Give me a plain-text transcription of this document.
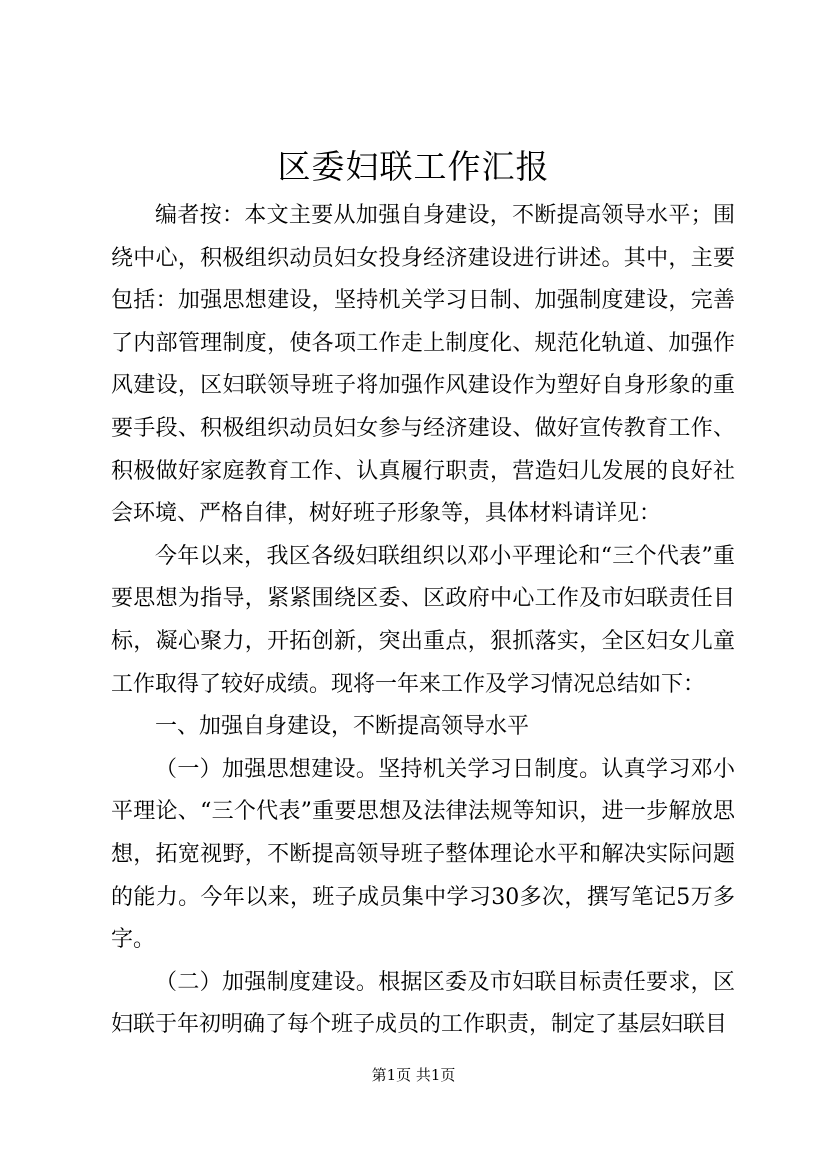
区委妇联工作汇报

编者按：本文主要从加强自身建设，不断提高领导水平；围绕中心，积极组织动员妇女投身经济建设进行讲述。其中，主要包括：加强思想建设，坚持机关学习日制、加强制度建设，完善了内部管理制度，使各项工作走上制度化、规范化轨道、加强作风建设，区妇联领导班子将加强作风建设作为塑好自身形象的重要手段、积极组织动员妇女参与经济建设、做好宣传教育工作、积极做好家庭教育工作、认真履行职责，营造妇儿发展的良好社会环境、严格自律，树好班子形象等，具体材料请详见：

今年以来，我区各级妇联组织以邓小平理论和“三个代表”重要思想为指导，紧紧围绕区委、区政府中心工作及市妇联责任目标，凝心聚力，开拓创新，突出重点，狠抓落实，全区妇女儿童工作取得了较好成绩。现将一年来工作及学习情况总结如下：

一、加强自身建设，不断提高领导水平

（一）加强思想建设。坚持机关学习日制度。认真学习邓小平理论、“三个代表”重要思想及法律法规等知识，进一步解放思想，拓宽视野，不断提高领导班子整体理论水平和解决实际问题的能力。今年以来，班子成员集中学习30多次，撰写笔记5万多字。

（二）加强制度建设。根据区委及市妇联目标责任要求，区妇联于年初明确了每个班子成员的工作职责，制定了基层妇联目

第1页 共1页
